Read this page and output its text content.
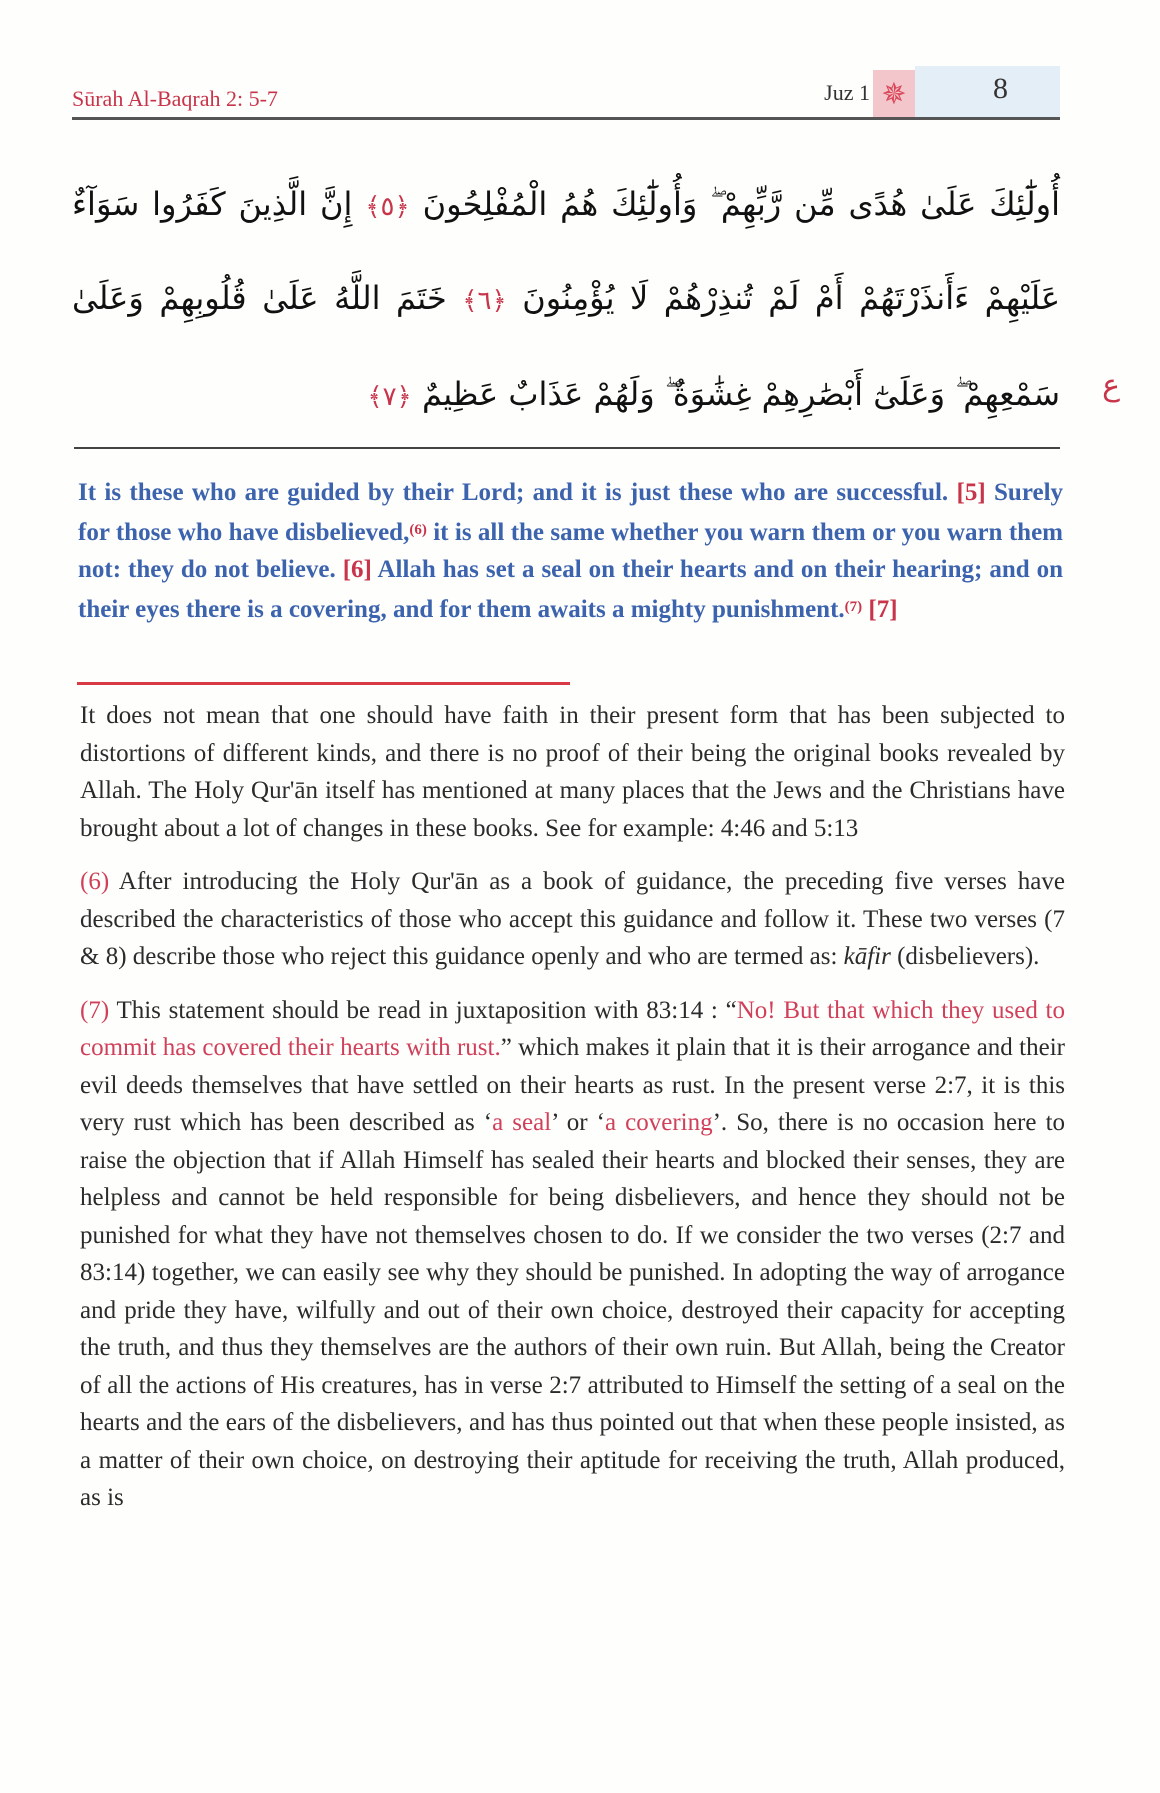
Sūrah Al-Baqrah 2: 5-7	Juz 1 ✵	8
أُولَٰٓئِكَ عَلَىٰ هُدًى مِّن رَّبِّهِمْ ۖ وَأُولَٰٓئِكَ هُمُ الْمُفْلِحُونَ ﴿٥﴾ إِنَّ الَّذِينَ كَفَرُوا سَوَآءٌ
عَلَيْهِمْ ءَأَنذَرْتَهُمْ أَمْ لَمْ تُنذِرْهُمْ لَا يُؤْمِنُونَ ﴿٦﴾ خَتَمَ اللَّهُ عَلَىٰ قُلُوبِهِمْ وَعَلَىٰ
سَمْعِهِمْ ۖ وَعَلَىٰٓ أَبْصَٰرِهِمْ غِشَٰوَةٌ ۖ وَلَهُمْ عَذَابٌ عَظِيمٌ ﴿٧﴾	ع
It is these who are guided by their Lord; and it is just these who are successful. [5] Surely for those who have disbelieved,$^{(6)}$ it is all the same whether you warn them or you warn them not: they do not believe. [6] Allah has set a seal on their hearts and on their hearing; and on their eyes there is a covering, and for them awaits a mighty punishment.$^{(7)}$ [7]

It does not mean that one should have faith in their present form that has been subjected to distortions of different kinds, and there is no proof of their being the original books revealed by Allah. The Holy Qur'ān itself has mentioned at many places that the Jews and the Christians have brought about a lot of changes in these books. See for example: 4:46 and 5:13

(6) After introducing the Holy Qur'ān as a book of guidance, the preceding five verses have described the characteristics of those who accept this guidance and follow it. These two verses (7 & 8) describe those who reject this guidance openly and who are termed as: kāfir (disbelievers).

(7) This statement should be read in juxtaposition with 83:14 : “No! But that which they used to commit has covered their hearts with rust.” which makes it plain that it is their arrogance and their evil deeds themselves that have settled on their hearts as rust. In the present verse 2:7, it is this very rust which has been described as ‘a seal’ or ‘a covering’. So, there is no occasion here to raise the objection that if Allah Himself has sealed their hearts and blocked their senses, they are helpless and cannot be held responsible for being disbelievers, and hence they should not be punished for what they have not themselves chosen to do. If we consider the two verses (2:7 and 83:14) together, we can easily see why they should be punished. In adopting the way of arrogance and pride they have, wilfully and out of their own choice, destroyed their capacity for accepting the truth, and thus they themselves are the authors of their own ruin. But Allah, being the Creator of all the actions of His creatures, has in verse 2:7 attributed to Himself the setting of a seal on the hearts and the ears of the disbelievers, and has thus pointed out that when these people insisted, as a matter of their own choice, on destroying their aptitude for receiving the truth, Allah produced, as is
